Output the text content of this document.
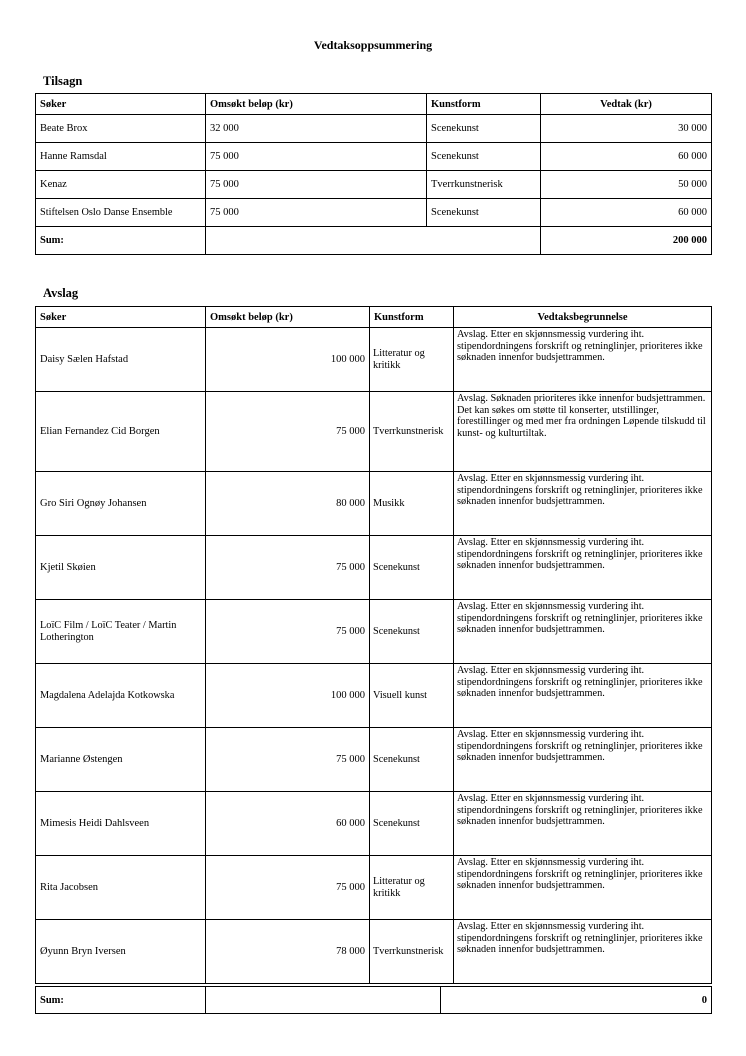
Vedtaksoppsummering
Tilsagn
Søker	Omsøkt beløp (kr)	Kunstform	Vedtak (kr)
Beate Brox	32 000	Scenekunst	30 000
Hanne Ramsdal	75 000	Scenekunst	60 000
Kenaz	75 000	Tverrkunstnerisk	50 000
Stiftelsen Oslo Danse Ensemble	75 000	Scenekunst	60 000
Sum:			200 000
Avslag
Søker	Omsøkt beløp (kr)	Kunstform	Vedtaksbegrunnelse
Daisy Sælen Hafstad	100 000	Litteratur og kritikk	Avslag. Etter en skjønnsmessig vurdering iht. stipendordningens forskrift og retninglinjer, prioriteres ikke søknaden innenfor budsjettrammen.
Elian Fernandez Cid Borgen	75 000	Tverrkunstnerisk	Avslag. Søknaden prioriteres ikke innenfor budsjettrammen. Det kan søkes om støtte til konserter, utstillinger, forestillinger og med mer fra ordningen Løpende tilskudd til kunst- og kulturtiltak.
Gro Siri Ognøy Johansen	80 000	Musikk	Avslag. Etter en skjønnsmessig vurdering iht. stipendordningens forskrift og retninglinjer, prioriteres ikke søknaden innenfor budsjettrammen.
Kjetil Skøien	75 000	Scenekunst	Avslag. Etter en skjønnsmessig vurdering iht. stipendordningens forskrift og retninglinjer, prioriteres ikke søknaden innenfor budsjettrammen.
LoïC Film / LoïC Teater / Martin Lotherington	75 000	Scenekunst	Avslag. Etter en skjønnsmessig vurdering iht. stipendordningens forskrift og retninglinjer, prioriteres ikke søknaden innenfor budsjettrammen.
Magdalena Adelajda Kotkowska	100 000	Visuell kunst	Avslag. Etter en skjønnsmessig vurdering iht. stipendordningens forskrift og retninglinjer, prioriteres ikke søknaden innenfor budsjettrammen.
Marianne Østengen	75 000	Scenekunst	Avslag. Etter en skjønnsmessig vurdering iht. stipendordningens forskrift og retninglinjer, prioriteres ikke søknaden innenfor budsjettrammen.
Mimesis Heidi Dahlsveen	60 000	Scenekunst	Avslag. Etter en skjønnsmessig vurdering iht. stipendordningens forskrift og retninglinjer, prioriteres ikke søknaden innenfor budsjettrammen.
Rita Jacobsen	75 000	Litteratur og kritikk	Avslag. Etter en skjønnsmessig vurdering iht. stipendordningens forskrift og retninglinjer, prioriteres ikke søknaden innenfor budsjettrammen.
Øyunn Bryn Iversen	78 000	Tverrkunstnerisk	Avslag. Etter en skjønnsmessig vurdering iht. stipendordningens forskrift og retninglinjer, prioriteres ikke søknaden innenfor budsjettrammen.
Sum:		0
